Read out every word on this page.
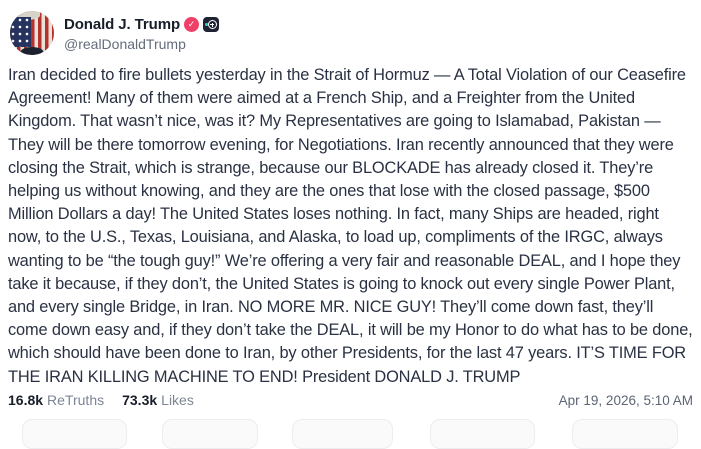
Donald J. Trump ✓
@realDonaldTrump
Iran decided to fire bullets yesterday in the Strait of Hormuz — A Total Violation of our Ceasefire Agreement! Many of them were aimed at a French Ship, and a Freighter from the United Kingdom. That wasn’t nice, was it? My Representatives are going to Islamabad, Pakistan — They will be there tomorrow evening, for Negotiations. Iran recently announced that they were closing the Strait, which is strange, because our BLOCKADE has already closed it. They’re helping us without knowing, and they are the ones that lose with the closed passage, $500 Million Dollars a day! The United States loses nothing. In fact, many Ships are headed, right now, to the U.S., Texas, Louisiana, and Alaska, to load up, compliments of the IRGC, always wanting to be “the tough guy!” We’re offering a very fair and reasonable DEAL, and I hope they take it because, if they don’t, the United States is going to knock out every single Power Plant, and every single Bridge, in Iran. NO MORE MR. NICE GUY! They’ll come down fast, they’ll come down easy and, if they don’t take the DEAL, it will be my Honor to do what has to be done, which should have been done to Iran, by other Presidents, for the last 47 years. IT’S TIME FOR THE IRAN KILLING MACHINE TO END! President DONALD J. TRUMP
16.8k ReTruths 73.3k Likes	Apr 19, 2026, 5:10 AM
